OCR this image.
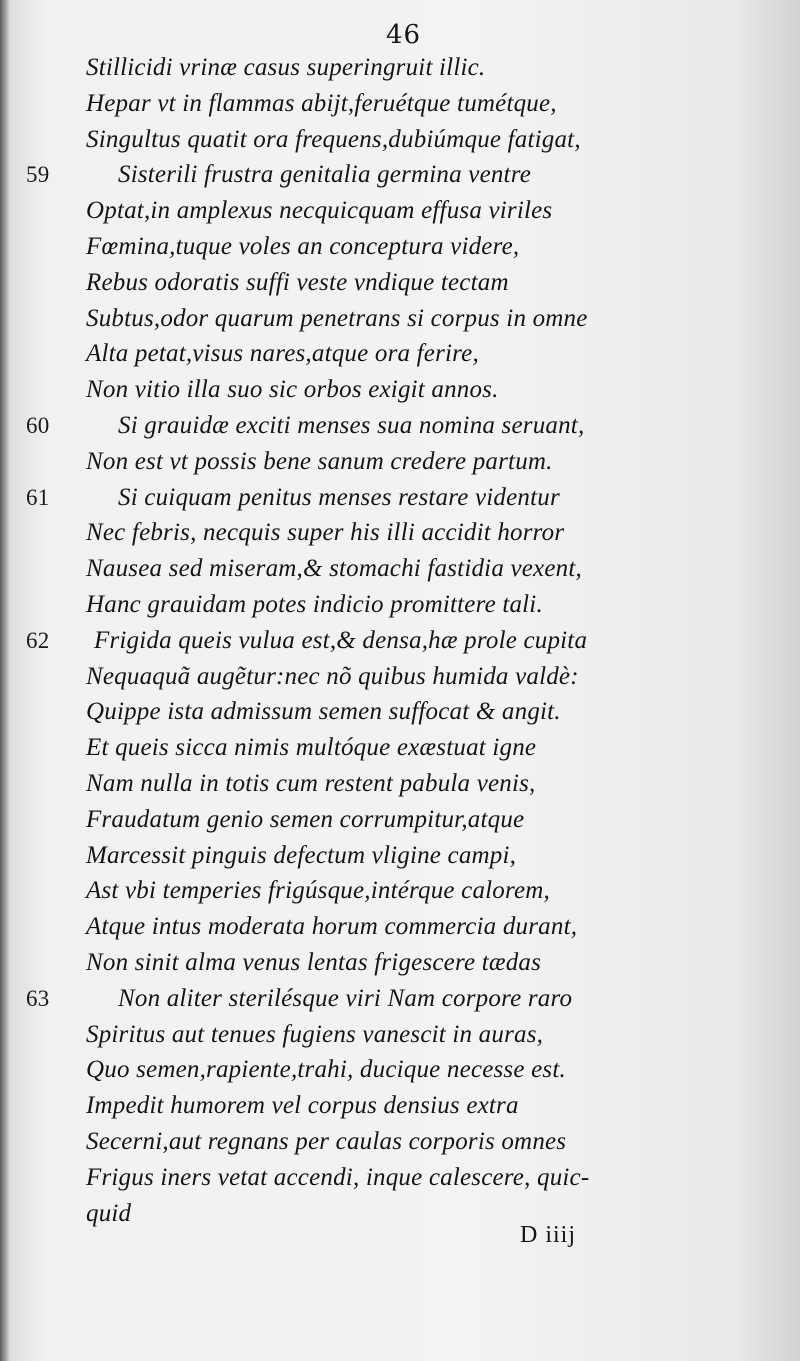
46
Stillicidi vrinæ casus superingruit illic.
Hepar vt in flammas abijt,feruétque tumétque,
Singultus quatit ora frequens,dubiúmque fatigat,
59	Sisterili frustra genitalia germina ventre
Optat,in amplexus necquicquam effusa viriles
Fœmina,tuque voles an conceptura videre,
Rebus odoratis suffi veste vndique tectam
Subtus,odor quarum penetrans si corpus in omne
Alta petat,visus nares,atque ora ferire,
Non vitio illa suo sic orbos exigit annos.
60	Si grauidæ exciti menses sua nomina seruant,
Non est vt possis bene sanum credere partum.
61	Si cuiquam penitus menses restare videntur
Nec febris, necquis super his illi accidit horror
Nausea sed miseram,& stomachi fastidia vexent,
Hanc grauidam potes indicio promittere tali.
62 Frigida queis vulua est,& densa,hæ prole cupita
Nequaquã augẽtur:nec nõ quibus humida valdè:
Quippe ista admissum semen suffocat & angit.
Et queis sicca nimis multóque exæstuat igne
Nam nulla in totis cum restent pabula venis,
Fraudatum genio semen corrumpitur,atque
Marcessit pinguis defectum vligine campi,
Ast vbi temperies frigúsque,intérque calorem,
Atque intus moderata horum commercia durant,
Non sinit alma venus lentas frigescere tædas
63	Non aliter sterilésque viri Nam corpore raro
Spiritus aut tenues fugiens vanescit in auras,
Quo semen,rapiente,trahi, ducique necesse est.
Impedit humorem vel corpus densius extra
Secerni,aut regnans per caulas corporis omnes
Frigus iners vetat accendi, inque calescere, quic-
quid
D iiij
